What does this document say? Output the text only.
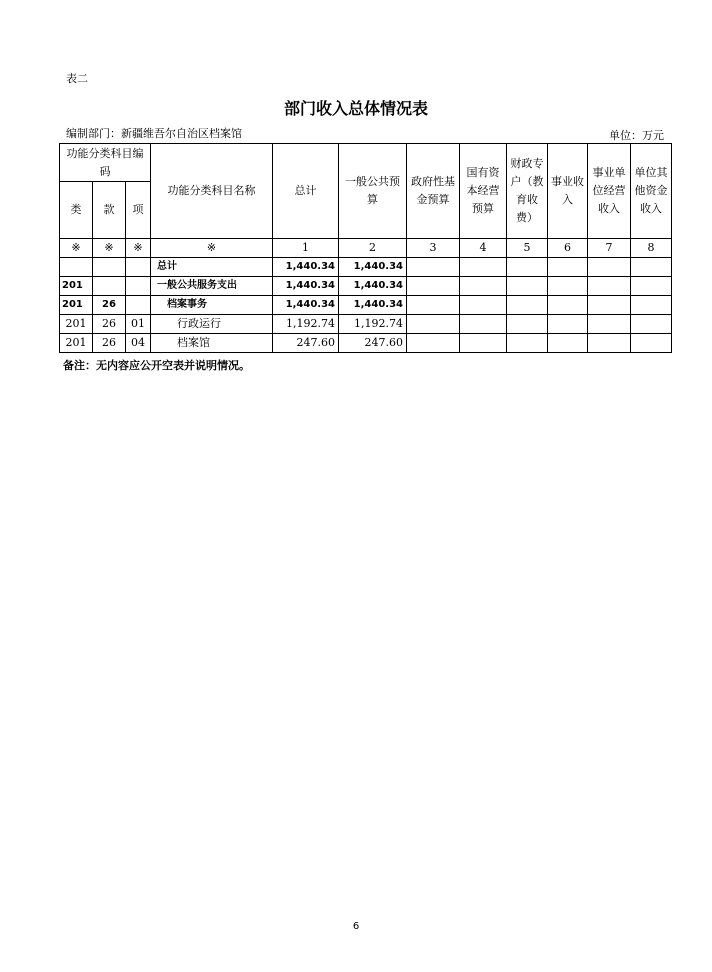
表二
部门收入总体情况表
编制部门：新疆维吾尔自治区档案馆	单位：万元
功能分类科目编码			功能分类科目名称	总计	一般公共预算	政府性基金预算	国有资本经营预算	财政专户（教育收费）	事业收入	事业单位经营收入	单位其他资金收入
类	款	项									
※	※	※	※	1	2	3	4	5	6	7	8
			总计	1,440.34	1,440.34						
201			一般公共服务支出	1,440.34	1,440.34						
201	26		档案事务	1,440.34	1,440.34						
201	26	01	行政运行	1,192.74	1,192.74						
201	26	04	档案馆	247.60	247.60						
备注：无内容应公开空表并说明情况。
6
